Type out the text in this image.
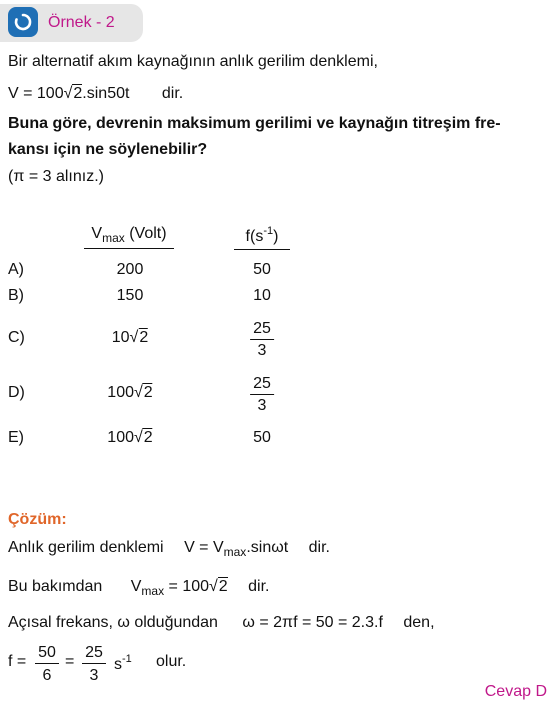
Örnek - 2
Bir alternatif akım kaynağının anlık gerilim denklemi,
V = 100√2.sin50t dir.
Buna göre, devrenin maksimum gerilimi ve kaynağın titreşim fre-
kansı için ne söylenebilir?
(π = 3 alınız.)
$V_{max}$ (Volt)	$f(s^{-1})$
A)	200	50
B)	150	10
C)	10√2	$\frac{25}{3}$
D)	100√2	$\frac{25}{3}$
E)	100√2	50
Çözüm:
Anlık gerilim denklemi $V = V_{max}.\sin\omega t$ dir.
Bu bakımdan $V_{max} = 100√2$ dir.
Açısal frekans, ω olduğundan ω = 2πf = 50 = 2.3.f den,
$f = \frac{50}{6} = \frac{25}{3} s^{-1}$ olur.
Cevap D
